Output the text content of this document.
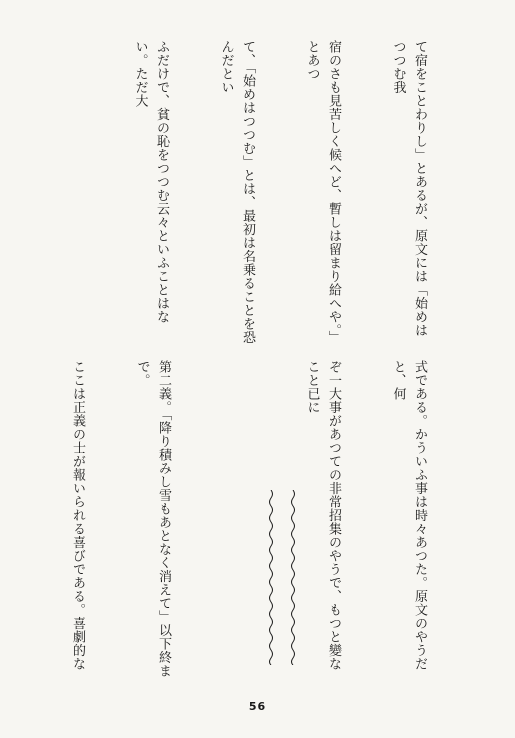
て宿をことわりし」とあるが、原文には「始めはつつむ我

宿のさも見苦しく候へど、暫しは留まり給へや。」とあつ

て、「始めはつつむ」とは、最初は名乗ることを恐んだとい

ふだけで、貧の恥をつつむ云々といふことはない。ただ大

式である。かういふ事は時々あつた。原文のやうだと、何

ぞ一大事があつての非常招集のやうで、もつと變なこと已に

第二義。「降り積みし雪もあとなく消えて」以下終まで。

ここは正義の士が報いられる喜びである。喜劇的な

56
